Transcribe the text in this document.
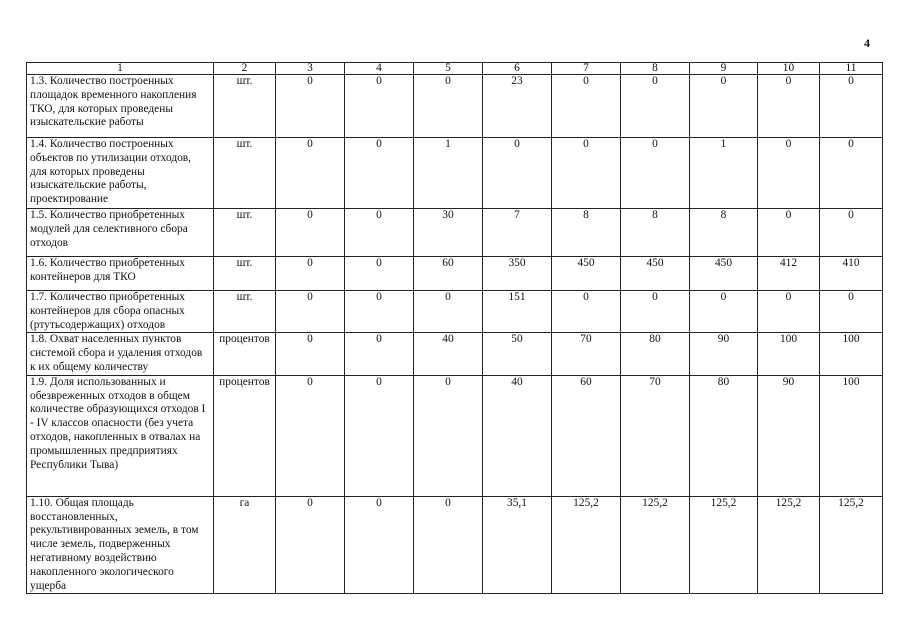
4
1	2	3	4	5	6	7	8	9	10	11
1.3. Количество построенных площадок временного накопления ТКО, для которых проведены изыскательские работы	шт.	0	0	0	23	0	0	0	0	0
1.4. Количество построенных объектов по утилизации отходов, для которых проведены изыскательские работы, проектирование	шт.	0	0	1	0	0	0	1	0	0
1.5. Количество приобретенных модулей для селективного сбора отходов	шт.	0	0	30	7	8	8	8	0	0
1.6. Количество приобретенных контейнеров для ТКО	шт.	0	0	60	350	450	450	450	412	410
1.7. Количество приобретенных контейнеров для сбора опасных (ртутьсодержащих) отходов	шт.	0	0	0	151	0	0	0	0	0
1.8. Охват населенных пунктов системой сбора и удаления отходов к их общему количеству	процентов	0	0	40	50	70	80	90	100	100
1.9. Доля использованных и обезвреженных отходов в общем количестве образующихся отходов I - IV классов опасности (без учета отходов, накопленных в отвалах на промышленных предприятиях Республики Тыва)	процентов	0	0	0	40	60	70	80	90	100
1.10. Общая площадь восстановленных, рекультивированных земель, в том числе земель, подверженных негативному воздействию накопленного экологического ущерба	га	0	0	0	35,1	125,2	125,2	125,2	125,2	125,2
